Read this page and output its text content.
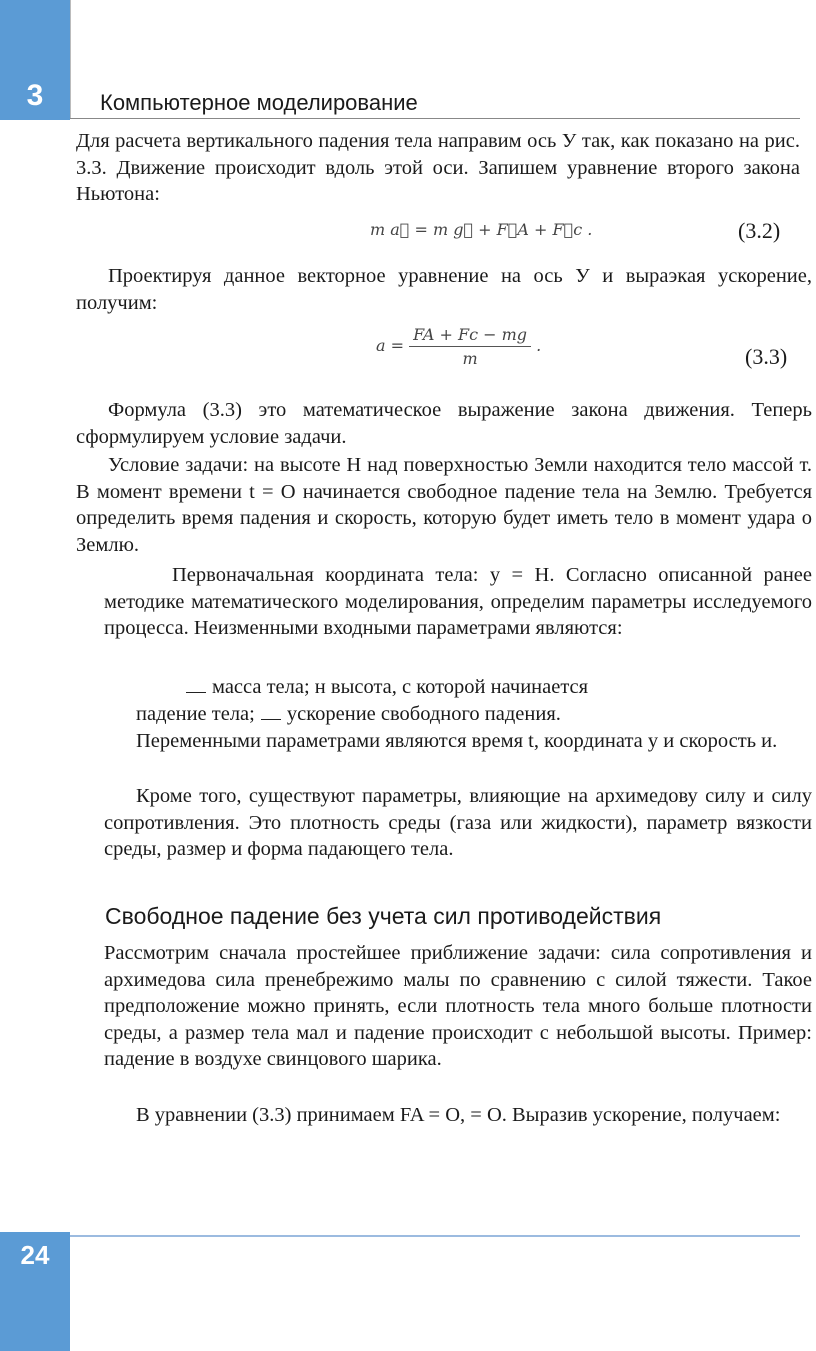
3	Компьютерное моделирование

Для расчета вертикального падения тела направим ось У так, как показано на рис. 3.3. Движение происходит вдоль этой оси. Запишем уравнение второго закона Ньютона:

m a⃗ = m g⃗ + F⃗A + F⃗c .	(3.2)

Проектируя данное векторное уравнение на ось У и выраэкая ускорение, получим:

$a = \frac{FA + Fc - mg}{m}$ .	(3.3)

Формула (3.3) это математическое выражение закона движения. Теперь сформулируем условие задачи.

Условие задачи: на высоте Н над поверхностью Земли находится тело массой т. В момент времени t = O начинается свободное падение тела на Землю. Требуется определить время падения и скорость, которую будет иметь тело в момент удара о Землю.

Первоначальная координата тела: у = Н. Согласно описанной ранее методике математического моделирования, определим параметры исследуемого процесса. Неизменными входными параметрами являются:

масса тела; н высота, с которой начинается
падение тела; ускорение свободного падения.

Переменными параметрами являются время t, координата у и скорость и.

Кроме того, существуют параметры, влияющие на архимедову силу и силу сопротивления. Это плотность среды (газа или жидкости), параметр вязкости среды, размер и форма падающего тела.

Свободное падение без учета сил противодействия

Рассмотрим сначала простейшее приближение задачи: сила сопротивления и архимедова сила пренебрежимо малы по сравнению с силой тяжести. Такое предположение можно принять, если плотность тела много больше плотности среды, а размер тела мал и падение происходит с небольшой высоты. Пример: падение в воздухе свинцового шарика.

В уравнении (3.3) принимаем FA = O, = O. Выразив ускорение, получаем:

24
